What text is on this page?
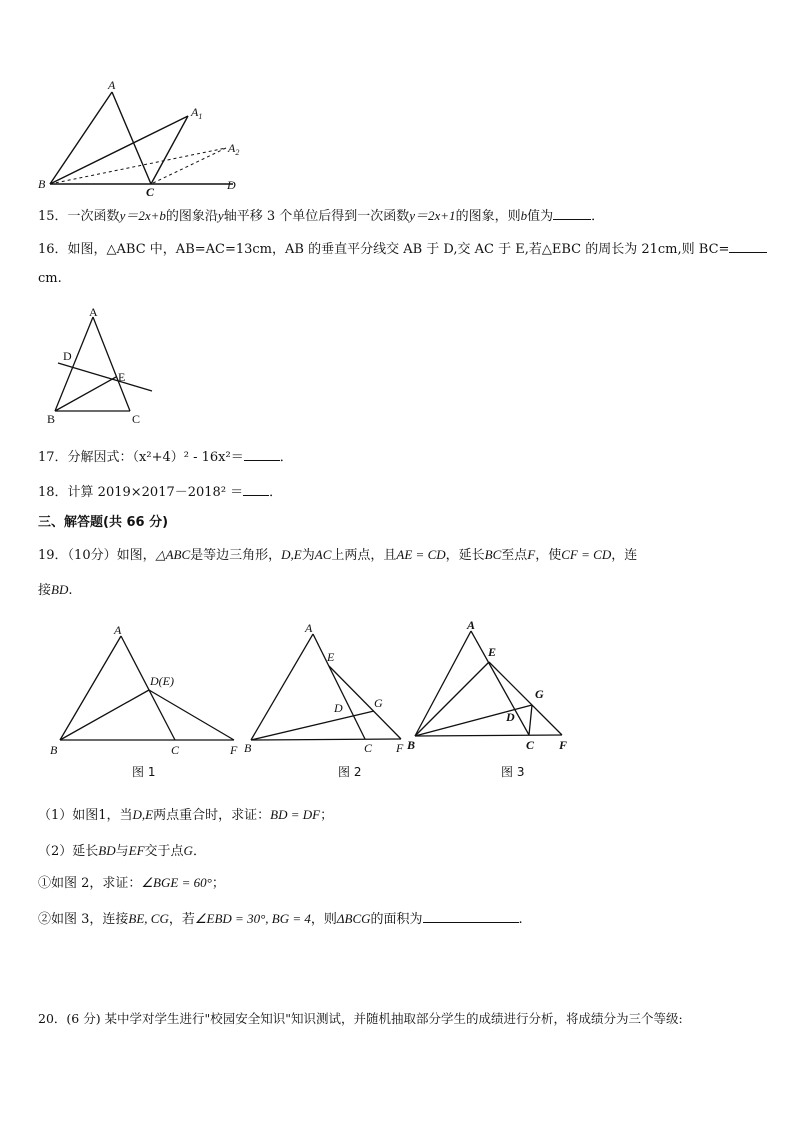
A
$A_1$
$A_2$
B
C	D
15．一次函数y＝2x+b的图象沿y轴平移 3 个单位后得到一次函数y＝2x+1的图象，则b值为	．
16．如图，△ABC 中，AB=AC=13cm，AB 的垂直平分线交 AB 于 D,交 AC 于 E,若△EBC 的周长为 21cm,则 BC=
cm.
A
D
E
B	C
17．分解因式：（x²+4）² - 16x²＝	．
18．计算 2019×2017－2018² ＝ ．
三、解答题(共 66 分)
19．（10分）如图，△ABC是等边三角形，D,E为AC上两点，且AE = CD，延长BC至点F，使CF = CD，连
接BD.
A
D(E)
B	C	F
图 1
A
E
D	G
B	C F
图 2
A
E
D
G
B	C F
图 3
（1）如图1，当D,E两点重合时，求证：BD = DF；
（2）延长BD与EF交于点G．
①如图 2，求证：∠BGE = 60°；
②如图 3，连接BE, CG，若∠EBD = 30°, BG = 4，则ΔBCG的面积为	.
20．(6 分) 某中学对学生进行"校园安全知识"知识测试，并随机抽取部分学生的成绩进行分析，将成绩分为三个等级:
